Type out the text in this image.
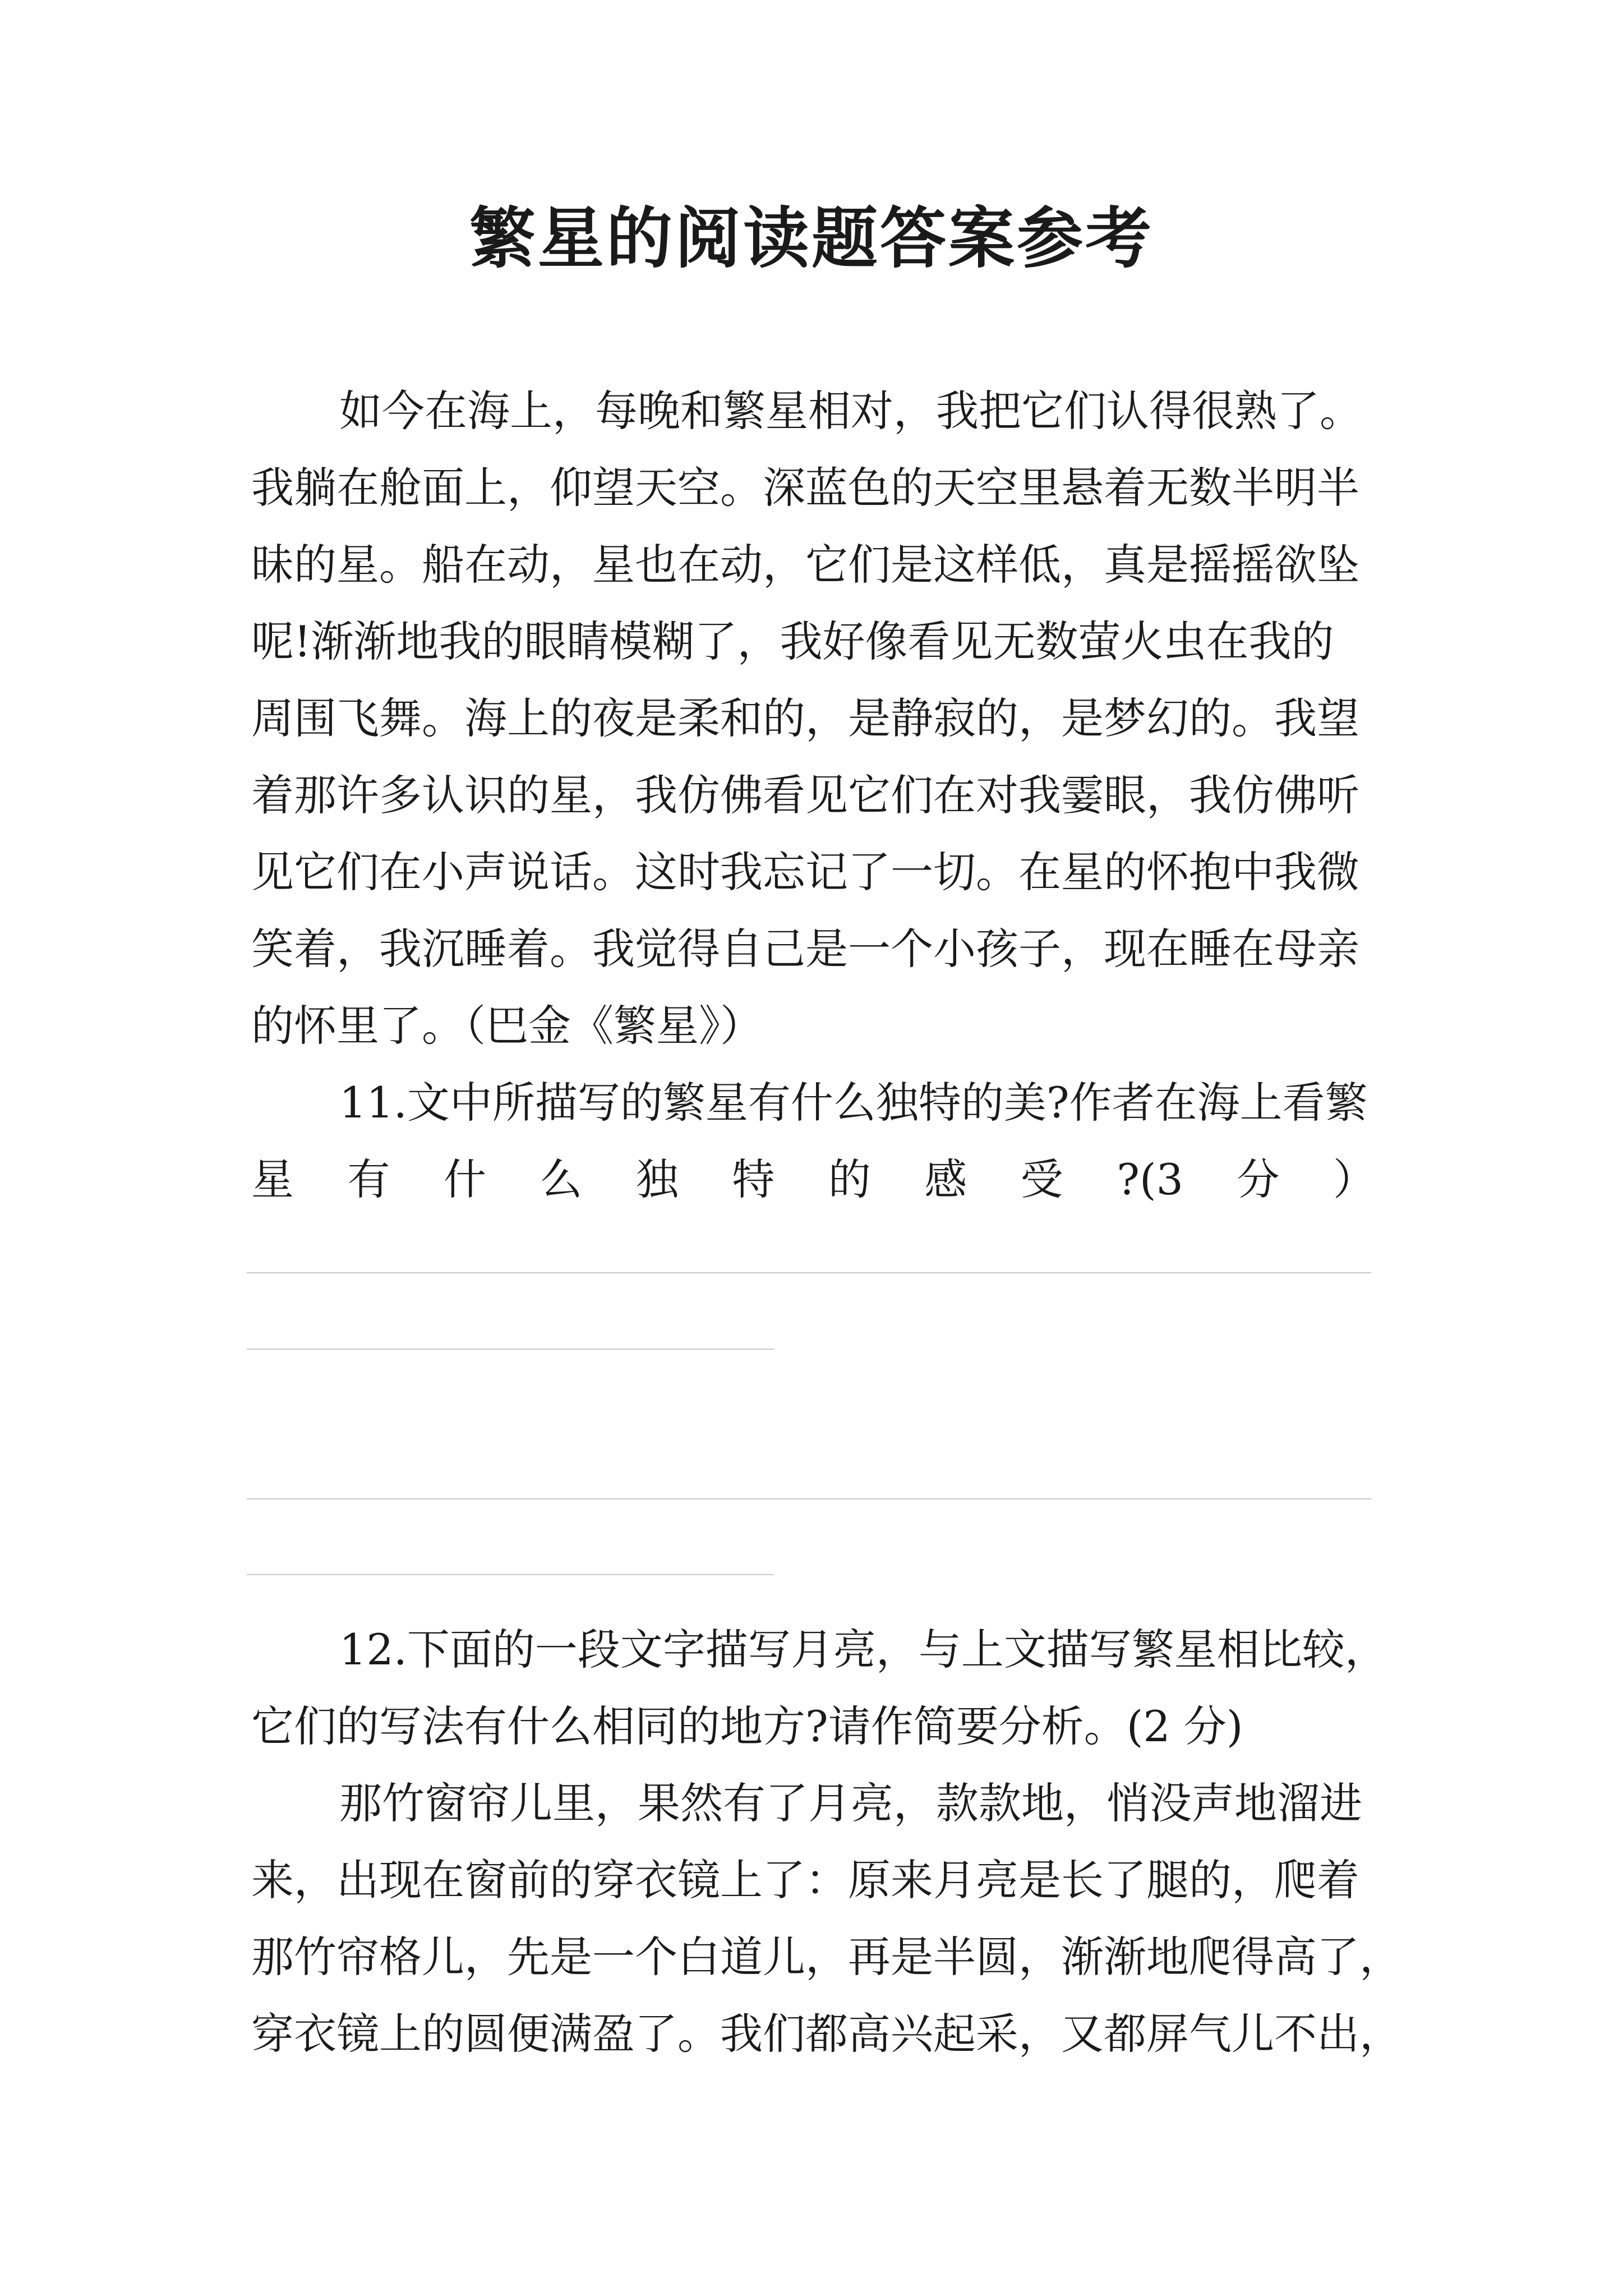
繁星的阅读题答案参考
如今在海上，每晚和繁星相对，我把它们认得很熟了。
我躺在舱面上，仰望天空。深蓝色的天空里悬着无数半明半
昧的星。船在动，星也在动，它们是这样低，真是摇摇欲坠
呢!渐渐地我的眼睛模糊了，我好像看见无数萤火虫在我的
周围飞舞。海上的夜是柔和的，是静寂的，是梦幻的。我望
着那许多认识的星，我仿佛看见它们在对我霎眼，我仿佛听
见它们在小声说话。这时我忘记了一切。在星的怀抱中我微
笑着，我沉睡着。我觉得自己是一个小孩子，现在睡在母亲
的怀里了。（巴金《繁星》）
11.文中所描写的繁星有什么独特的美?作者在海上看繁
星 有 什 么 独 特 的 感 受 ?(3 分 ）
12.下面的一段文字描写月亮，与上文描写繁星相比较，
它们的写法有什么相同的地方?请作简要分析。(2 分)
那竹窗帘儿里，果然有了月亮，款款地，悄没声地溜进
来，出现在窗前的穿衣镜上了：原来月亮是长了腿的，爬着
那竹帘格儿，先是一个白道儿，再是半圆，渐渐地爬得高了，
穿衣镜上的圆便满盈了。我们都高兴起采，又都屏气儿不出，
